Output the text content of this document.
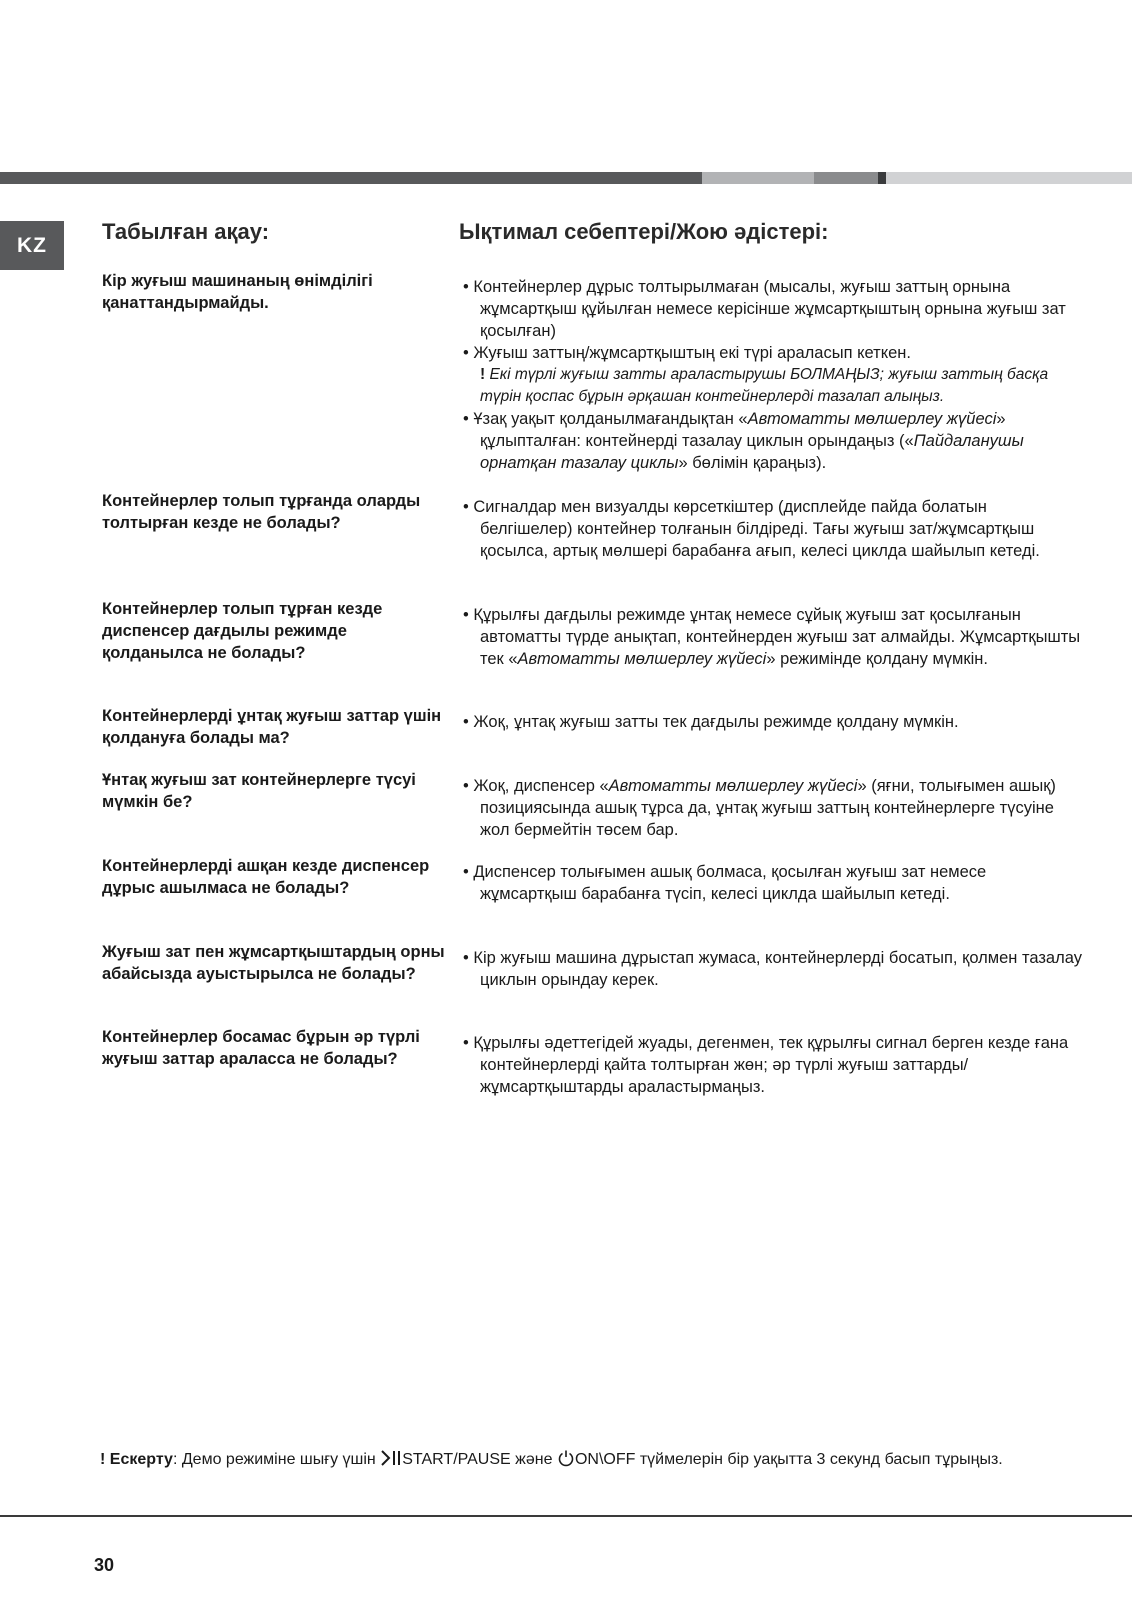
KZ
Табылған ақау:	Ықтимал себептері/Жою әдістері:
Кір жуғыш машинаның өнімділігі қанаттандырмайды.
• Контейнерлер дұрыс толтырылмаған (мысалы, жуғыш заттың орнына жұмсартқыш құйылған немесе керісінше жұмсартқыштың орнына жуғыш зат қосылған)
• Жуғыш заттың/жұмсартқыштың екі түрі араласып кеткен.
! Екі түрлі жуғыш затты араластырушы БОЛМАҢЫЗ; жуғыш заттың басқа түрін қоспас бұрын әрқашан контейнерлерді тазалап алыңыз.
• Ұзақ уақыт қолданылмағандықтан «Автоматты мөлшерлеу жүйесі» құлыпталған: контейнерді тазалау циклын орындаңыз («Пайдаланушы орнатқан тазалау циклы» бөлімін қараңыз).
Контейнерлер толып тұрғанда оларды толтырған кезде не болады?
• Сигналдар мен визуалды көрсеткіштер (дисплейде пайда болатын белгішелер) контейнер толғанын білдіреді. Тағы жуғыш зат/жұмсартқыш қосылса, артық мөлшері барабанға ағып, келесі циклда шайылып кетеді.
Контейнерлер толып тұрған кезде диспенсер дағдылы режимде қолданылса не болады?
• Құрылғы дағдылы режимде ұнтақ немесе сұйық жуғыш зат қосылғанын автоматты түрде анықтап, контейнерден жуғыш зат алмайды. Жұмсартқышты тек «Автоматты мөлшерлеу жүйесі» режимінде қолдану мүмкін.
Контейнерлерді ұнтақ жуғыш заттар үшін қолдануға болады ма?
• Жоқ, ұнтақ жуғыш затты тек дағдылы режимде қолдану мүмкін.
Ұнтақ жуғыш зат контейнерлерге түсуі мүмкін бе?
• Жоқ, диспенсер «Автоматты мөлшерлеу жүйесі» (яғни, толығымен ашық) позициясында ашық тұрса да, ұнтақ жуғыш заттың контейнерлерге түсуіне жол бермейтін төсем бар.
Контейнерлерді ашқан кезде диспенсер дұрыс ашылмаса не болады?
• Диспенсер толығымен ашық болмаса, қосылған жуғыш зат немесе жұмсартқыш барабанға түсіп, келесі циклда шайылып кетеді.
Жуғыш зат пен жұмсартқыштардың орны абайсызда ауыстырылса не болады?
• Кір жуғыш машина дұрыстап жумаса, контейнерлерді босатып, қолмен тазалау циклын орындау керек.
Контейнерлер босамас бұрын әр түрлі жуғыш заттар араласса не болады?
• Құрылғы әдеттегідей жуады, дегенмен, тек құрылғы сигнал берген кезде ғана контейнерлерді қайта толтырған жөн; әр түрлі жуғыш заттарды/жұмсартқыштарды араластырмаңыз.
! Ескерту: Демо режиміне шығу үшін START/PAUSE және ON\OFF түймелерін бір уақытта 3 секунд басып тұрыңыз.
30
